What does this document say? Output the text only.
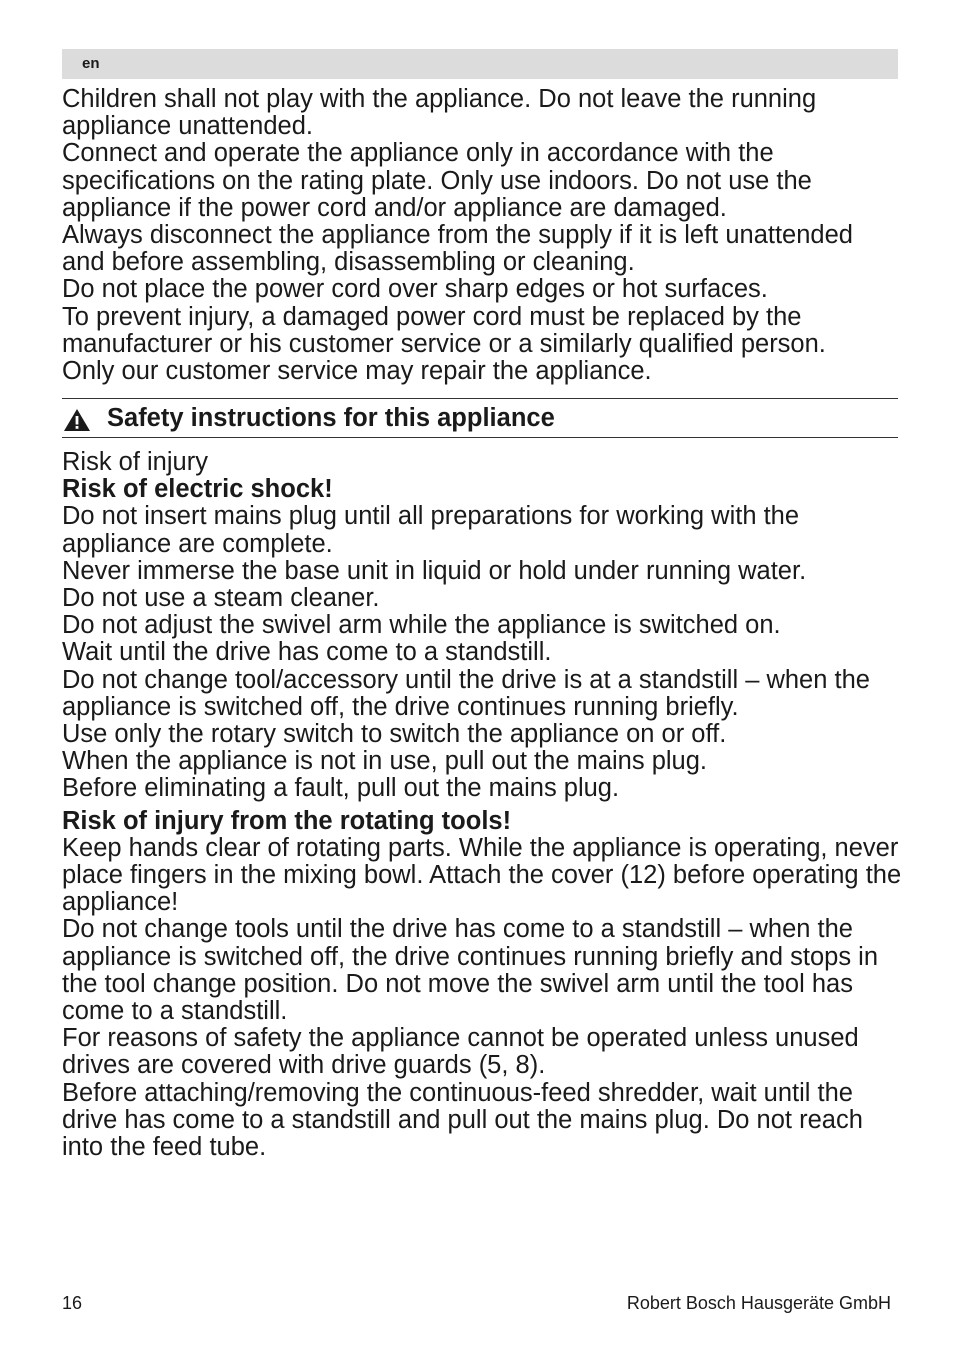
en

Children shall not play with the appliance. Do not leave the running appliance unattended.

Connect and operate the appliance only in accordance with the specifications on the rating plate. Only use indoors. Do not use the appliance if the power cord and/or appliance are damaged.

Always disconnect the appliance from the supply if it is left unattended and before assembling, disassembling or cleaning.

Do not place the power cord over sharp edges or hot surfaces.

To prevent injury, a damaged power cord must be replaced by the manufacturer or his customer service or a similarly qualified person.

Only our customer service may repair the appliance.

Safety instructions for this appliance

Risk of injury

Risk of electric shock!

Do not insert mains plug until all preparations for working with the appliance are complete.

Never immerse the base unit in liquid or hold under running water.

Do not use a steam cleaner.

Do not adjust the swivel arm while the appliance is switched on.

Wait until the drive has come to a standstill.

Do not change tool/accessory until the drive is at a standstill – when the appliance is switched off, the drive continues running briefly.

Use only the rotary switch to switch the appliance on or off.

When the appliance is not in use, pull out the mains plug.

Before eliminating a fault, pull out the mains plug.

Risk of injury from the rotating tools!

Keep hands clear of rotating parts. While the appliance is operating, never place fingers in the mixing bowl. Attach the cover (12) before operating the appliance!

Do not change tools until the drive has come to a standstill – when the appliance is switched off, the drive continues running briefly and stops in the tool change position. Do not move the swivel arm until the tool has come to a standstill.

For reasons of safety the appliance cannot be operated unless unused drives are covered with drive guards (5, 8).

Before attaching/removing the continuous-feed shredder, wait until the drive has come to a standstill and pull out the mains plug. Do not reach into the feed tube.

16	Robert Bosch Hausgeräte GmbH
